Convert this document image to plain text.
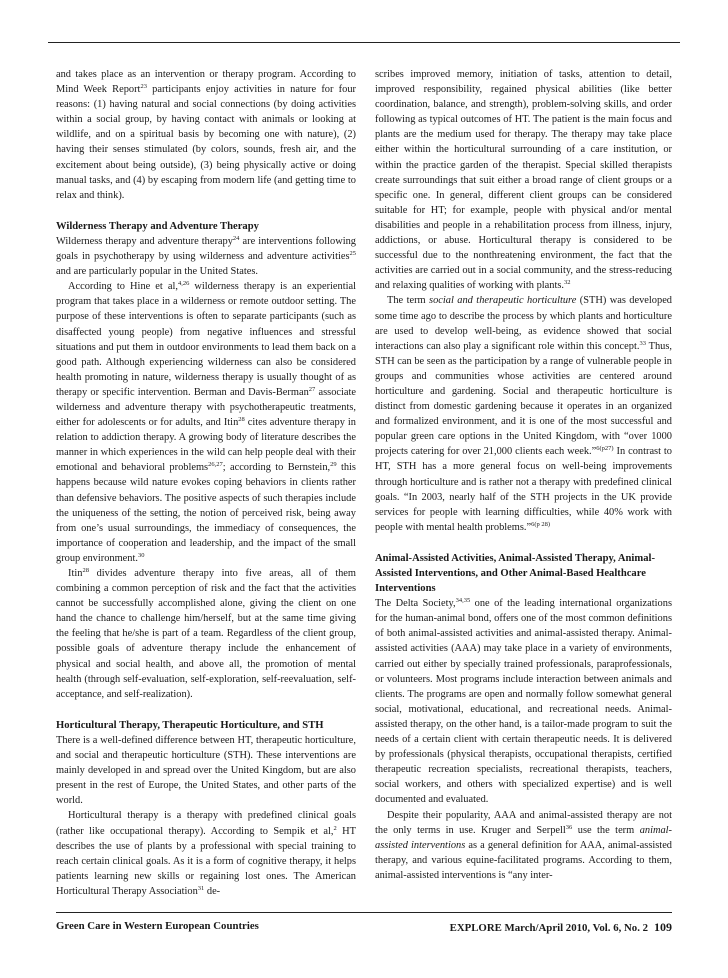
and takes place as an intervention or therapy program. According to Mind Week Report$^{23}$ participants enjoy activities in nature for four reasons: (1) having natural and social connections (by doing activities within a social group, by having contact with animals or looking at wildlife, and on a spiritual basis by becoming one with nature), (2) having their senses stimulated (by colors, sounds, fresh air, and the excitement about being outside), (3) being physically active or doing manual tasks, and (4) by escaping from modern life (and getting time to relax and think).

Wilderness Therapy and Adventure Therapy

Wilderness therapy and adventure therapy$^{24}$ are interventions following goals in psychotherapy by using wilderness and adventure activities$^{25}$ and are particularly popular in the United States.

According to Hine et al,$^{4,26}$ wilderness therapy is an experiential program that takes place in a wilderness or remote outdoor setting. The purpose of these interventions is often to separate participants (such as disaffected young people) from negative influences and stressful situations and put them in outdoor environments to lead them back on a good path. Although experiencing wilderness can also be considered health promoting in nature, wilderness therapy is usually thought of as therapy or specific intervention. Berman and Davis-Berman$^{27}$ associate wilderness and adventure therapy with psychotherapeutic treatments, either for adolescents or for adults, and Itin$^{28}$ cites adventure therapy in relation to addiction therapy. A growing body of literature describes the manner in which experiences in the wild can help people deal with their emotional and behavioral problems$^{26,27}$; according to Bernstein,$^{29}$ this happens because wild nature evokes coping behaviors in clients rather than defensive behaviors. The positive aspects of such therapies include the uniqueness of the setting, the notion of perceived risk, being away from one’s usual surroundings, the immediacy of consequences, the importance of cooperation and leadership, and the impact of the small group environment.$^{30}$

Itin$^{28}$ divides adventure therapy into five areas, all of them combining a common perception of risk and the fact that the activities cannot be successfully accomplished alone, giving the client on one hand the chance to challenge him/herself, but at the same time giving the feeling that he/she is part of a team. Regardless of the client group, possible goals of adventure therapy include the enhancement of physical and social health, and above all, the promotion of mental health (through self-evaluation, self-exploration, self-reevaluation, self-acceptance, and self-realization).

Horticultural Therapy, Therapeutic Horticulture, and STH

There is a well-defined difference between HT, therapeutic horticulture, and social and therapeutic horticulture (STH). These interventions are mainly developed in and spread over the United Kingdom, but are also present in the rest of Europe, the United States, and other parts of the world.

Horticultural therapy is a therapy with predefined clinical goals (rather like occupational therapy). According to Sempik et al,$^2$ HT describes the use of plants by a professional with special training to reach certain clinical goals. As it is a form of cognitive therapy, it helps patients learning new skills or regaining lost ones. The American Horticultural Therapy Association$^{31}$ de-

scribes improved memory, initiation of tasks, attention to detail, improved responsibility, regained physical abilities (like better coordination, balance, and strength), problem-solving skills, and order following as typical outcomes of HT. The patient is the main focus and plants are the medium used for therapy. The therapy may take place either within the horticultural surrounding of a care institution, or within the practice garden of the therapist. Special skilled therapists create surroundings that suit either a broad range of client groups or a specific one. In general, different client groups can be considered suitable for HT; for example, people with physical and/or mental disabilities and people in a rehabilitation process from illness, injury, addictions, or abuse. Horticultural therapy is considered to be successful due to the nonthreatening environment, the fact that the activities are carried out in a social community, and the stress-reducing and relaxing qualities of working with plants.$^{32}$

The term social and therapeutic horticulture (STH) was developed some time ago to describe the process by which plants and horticulture are used to develop well-being, as evidence showed that social interactions can also play a significant role within this concept.$^{33}$ Thus, STH can be seen as the participation by a range of vulnerable people in groups and communities whose activities are centered around horticulture and gardening. Social and therapeutic horticulture is distinct from domestic gardening because it operates in an organized and formalized environment, and it is one of the most successful and popular green care options in the United Kingdom, with “over 1000 projects catering for over 21,000 clients each week.”$^{6(p27)}$ In contrast to HT, STH has a more general focus on well-being improvements through horticulture and is rather not a therapy with predefined clinical goals. “In 2003, nearly half of the STH projects in the UK provide services for people with learning difficulties, while 40% work with people with mental health problems.”$^{6(p 28)}$

Animal-Assisted Activities, Animal-Assisted Therapy, Animal-Assisted Interventions, and Other Animal-Based Healthcare Interventions

The Delta Society,$^{34,35}$ one of the leading international organizations for the human-animal bond, offers one of the most common definitions of both animal-assisted activities and animal-assisted therapy. Animal-assisted activities (AAA) may take place in a variety of environments, carried out either by specially trained professionals, paraprofessionals, or volunteers. Most programs include interaction between animals and clients. The programs are open and normally follow somewhat general social, motivational, educational, and recreational needs. Animal-assisted therapy, on the other hand, is a tailor-made program to suit the needs of a certain client with certain therapeutic needs. It is delivered by professionals (physical therapists, occupational therapists, certified therapeutic recreation specialists, recreational therapists, teachers, social workers, and others with specialized expertise) and is well documented and evaluated.

Despite their popularity, AAA and animal-assisted therapy are not the only terms in use. Kruger and Serpell$^{36}$ use the term animal-assisted interventions as a general definition for AAA, animal-assisted therapy, and various equine-facilitated programs. According to them, animal-assisted interventions is “any inter-

Green Care in Western European Countries	EXPLORE March/April 2010, Vol. 6, No. 2 109
